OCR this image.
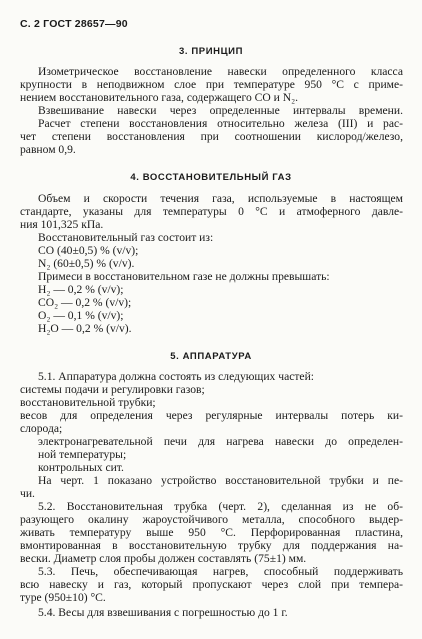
С. 2 ГОСТ 28657—90
3. ПРИНЦИП
Изометрическое восстановление навески определенного класса
крупности в неподвижном слое при температуре 950 °С с приме-
нением восстановительного газа, содержащего СО и N₂.
Взвешивание навески через определенные интервалы времени.
Расчет степени восстановления относительно железа (III) и рас-
чет степени восстановления при соотношении кислород/железо,
равном 0,9.
4. ВОССТАНОВИТЕЛЬНЫЙ ГАЗ
Объем и скорости течения газа, используемые в настоящем
стандарте, указаны для температуры 0 °С и атмоферного давле-
ния 101,325 кПа.
Восстановительный газ состоит из:
CO (40±0,5) % (v/v);
N₂ (60±0,5) % (v/v).
Примеси в восстановительном газе не должны превышать:
H₂ — 0,2 % (v/v);
CO₂ — 0,2 % (v/v);
O₂ — 0,1 % (v/v);
H₂O — 0,2 % (v/v).
5. АППАРАТУРА
5.1. Аппаратура должна состоять из следующих частей:
системы подачи и регулировки газов;
восстановительной трубки;
весов для определения через регулярные интервалы потерь ки-
слорода;
электронагревательной печи для нагрева навески до определен-
ной температуры;
контрольных сит.
На черт. 1 показано устройство восстановительной трубки и пе-
чи.
5.2. Восстановительная трубка (черт. 2), сделанная из не об-
разующего окалину жароустойчивого металла, способного выдер-
живать температуру выше 950 °С. Перфорированная пластина,
вмонтированная в восстановительную трубку для поддержания на-
вески. Диаметр слоя пробы должен составлять (75±1) мм.
5.3. Печь, обеспечивающая нагрев, способный поддерживать
всю навеску и газ, который пропускают через слой при темпера-
туре (950±10) °С.
5.4. Весы для взвешивания с погрешностью до 1 г.
